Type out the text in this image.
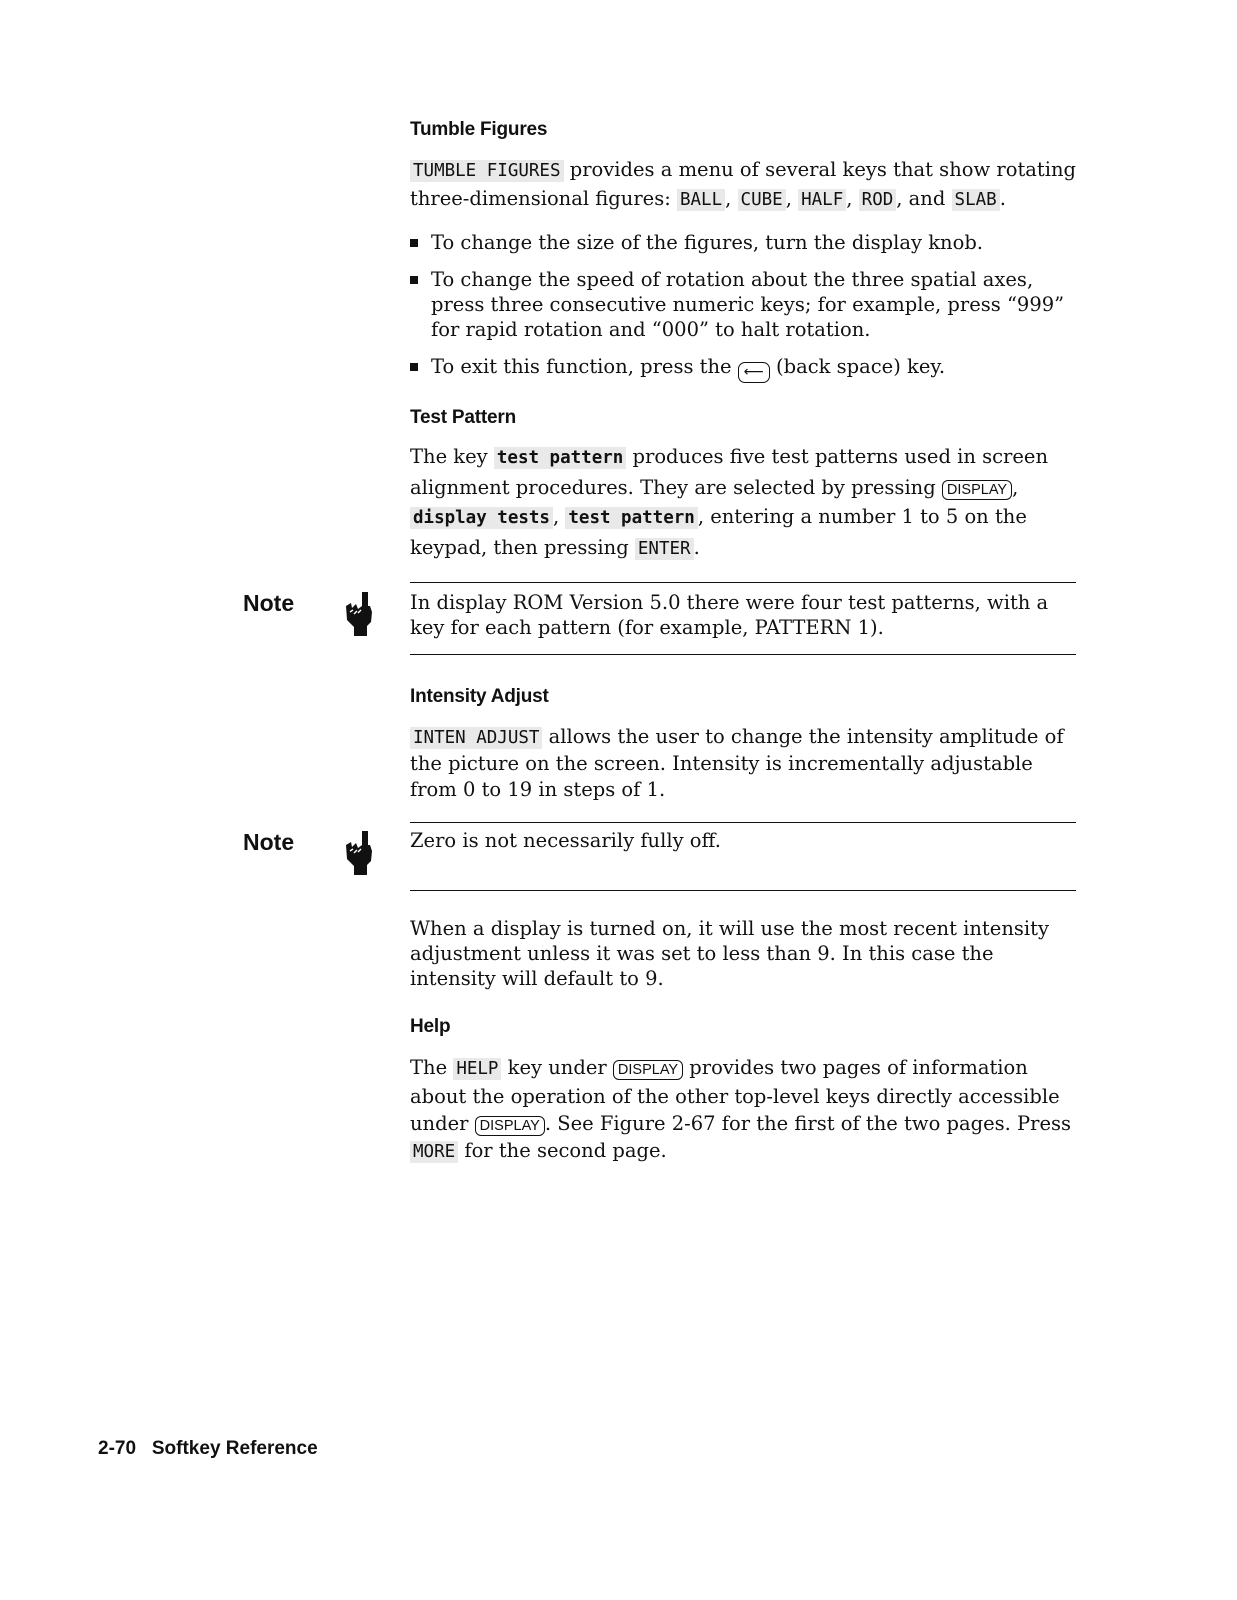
Tumble Figures
TUMBLE FIGURES provides a menu of several keys that show rotating three-dimensional figures: BALL , CUBE , HALF , ROD , and SLAB .
To change the size of the figures, turn the display knob.
To change the speed of rotation about the three spatial axes, press three consecutive numeric keys; for example, press “999” for rapid rotation and “000” to halt rotation.
To exit this function, press the ⟵ (back space) key.
Test Pattern
The key test pattern produces five test patterns used in screen alignment procedures. They are selected by pressing DISPLAY , display tests , test pattern , entering a number 1 to 5 on the keypad, then pressing ENTER .
Note	In display ROM Version 5.0 there were four test patterns, with a key for each pattern (for example, PATTERN 1).
Intensity Adjust
INTEN ADJUST allows the user to change the intensity amplitude of the picture on the screen. Intensity is incrementally adjustable from 0 to 19 in steps of 1.
Note	Zero is not necessarily fully off.
When a display is turned on, it will use the most recent intensity adjustment unless it was set to less than 9. In this case the intensity will default to 9.
Help
The HELP key under DISPLAY provides two pages of information about the operation of the other top-level keys directly accessible under DISPLAY . See Figure 2-67 for the first of the two pages. Press MORE for the second page.
2-70 Softkey Reference
